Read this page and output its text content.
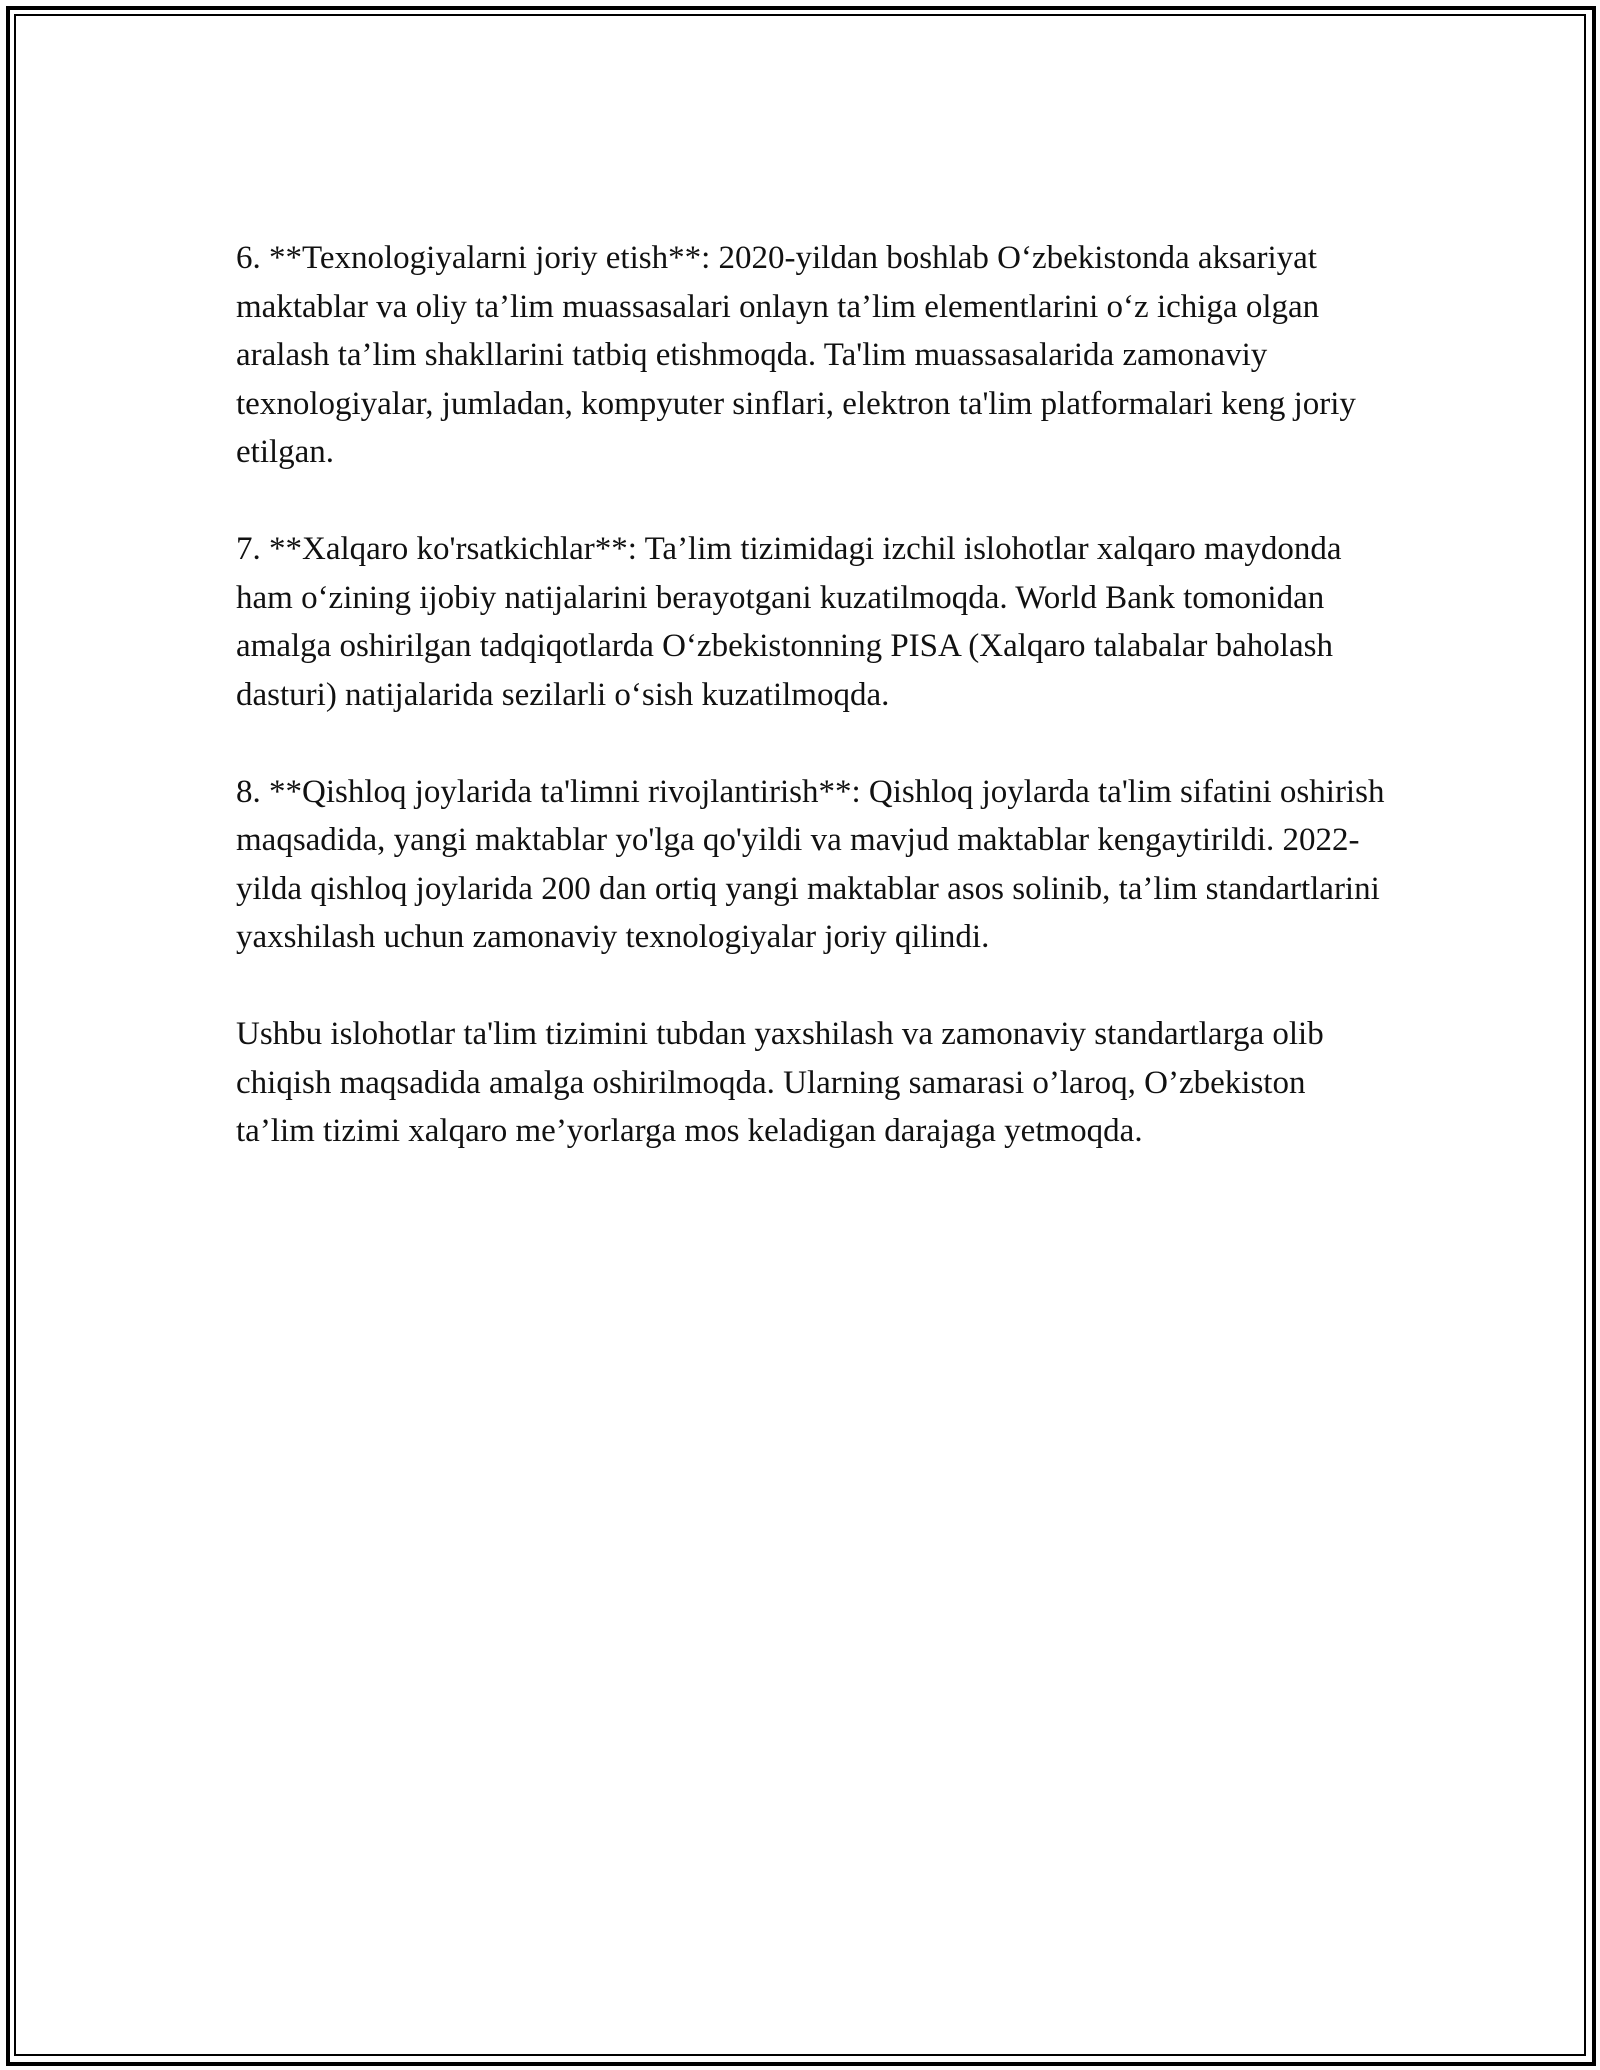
6. **Texnologiyalarni joriy etish**: 2020-yildan boshlab O‘zbekistonda aksariyat maktablar va oliy ta’lim muassasalari onlayn ta’lim elementlarini o‘z ichiga olgan aralash ta’lim shakllarini tatbiq etishmoqda. Ta'lim muassasalarida zamonaviy texnologiyalar, jumladan, kompyuter sinflari, elektron ta'lim platformalari keng joriy etilgan.

7. **Xalqaro ko'rsatkichlar**: Ta’lim tizimidagi izchil islohotlar xalqaro maydonda ham o‘zining ijobiy natijalarini berayotgani kuzatilmoqda. World Bank tomonidan amalga oshirilgan tadqiqotlarda O‘zbekistonning PISA (Xalqaro talabalar baholash dasturi) natijalarida sezilarli o‘sish kuzatilmoqda.

8. **Qishloq joylarida ta'limni rivojlantirish**: Qishloq joylarda ta'lim sifatini oshirish maqsadida, yangi maktablar yo'lga qo'yildi va mavjud maktablar kengaytirildi. 2022-yilda qishloq joylarida 200 dan ortiq yangi maktablar asos solinib, ta’lim standartlarini yaxshilash uchun zamonaviy texnologiyalar joriy qilindi.

Ushbu islohotlar ta'lim tizimini tubdan yaxshilash va zamonaviy standartlarga olib chiqish maqsadida amalga oshirilmoqda. Ularning samarasi o’laroq, O’zbekiston ta’lim tizimi xalqaro me’yorlarga mos keladigan darajaga yetmoqda.
